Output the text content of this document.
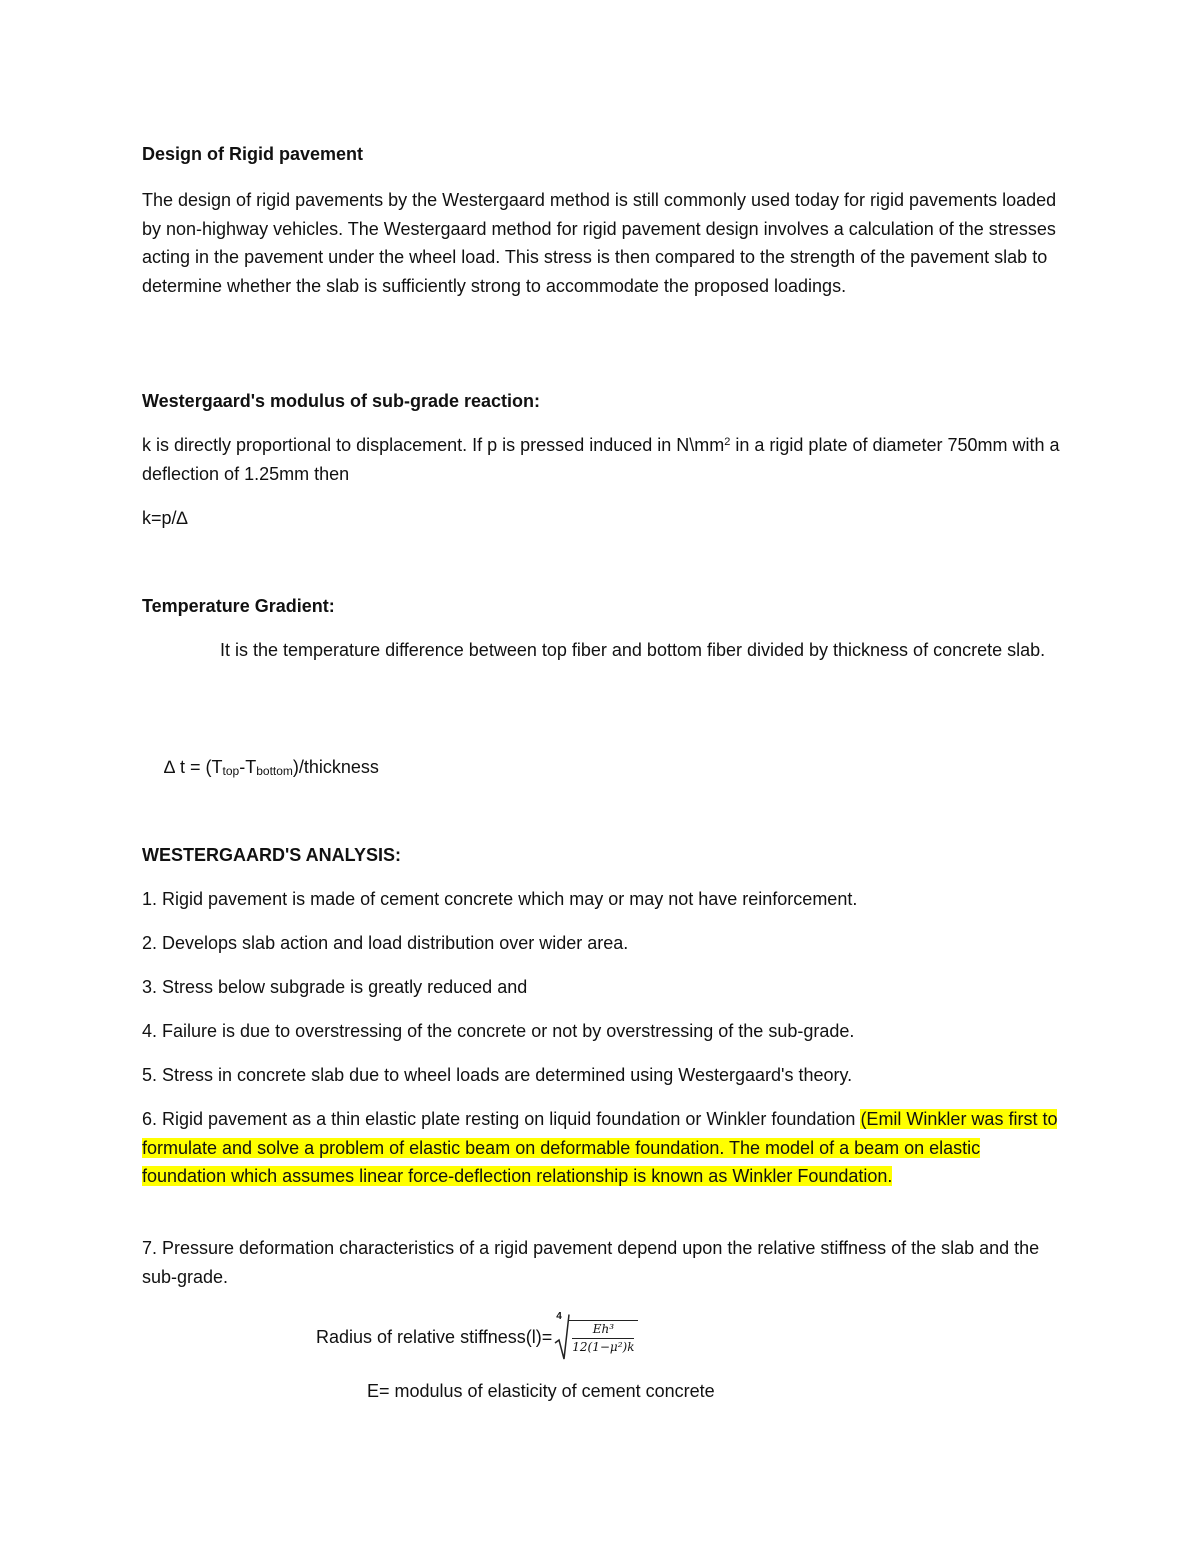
Design of Rigid pavement
The design of rigid pavements by the Westergaard method is still commonly used today for rigid pavements loaded by non-highway vehicles. The Westergaard method for rigid pavement design involves a calculation of the stresses acting in the pavement under the wheel load. This stress is then compared to the strength of the pavement slab to determine whether the slab is sufficiently strong to accommodate the proposed loadings.
Westergaard's modulus of sub-grade reaction:
k is directly proportional to displacement. If p is pressed induced in $N\backslash mm^2$ in a rigid plate of diameter 750mm with a deflection of 1.25mm then
k=p/∆
Temperature Gradient:
It is the temperature difference between top fiber and bottom fiber divided by thickness of concrete slab.
∆ $t = (T_{top}-T_{bottom})$/thickness
WESTERGAARD'S ANALYSIS:
1. Rigid pavement is made of cement concrete which may or may not have reinforcement.
2. Develops slab action and load distribution over wider area.
3. Stress below subgrade is greatly reduced and
4. Failure is due to overstressing of the concrete or not by overstressing of the sub-grade.
5. Stress in concrete slab due to wheel loads are determined using Westergaard's theory.
6. Rigid pavement as a thin elastic plate resting on liquid foundation or Winkler foundation (Emil Winkler was first to formulate and solve a problem of elastic beam on deformable foundation. The model of a beam on elastic foundation which assumes linear force-deflection relationship is known as Winkler Foundation.
7. Pressure deformation characteristics of a rigid pavement depend upon the relative stiffness of the slab and the sub-grade.
Radius of relative stiffness(l)=
4
$\frac{\text{Eh³}}{\text{12(1−μ²)k}}$
E= modulus of elasticity of cement concrete
